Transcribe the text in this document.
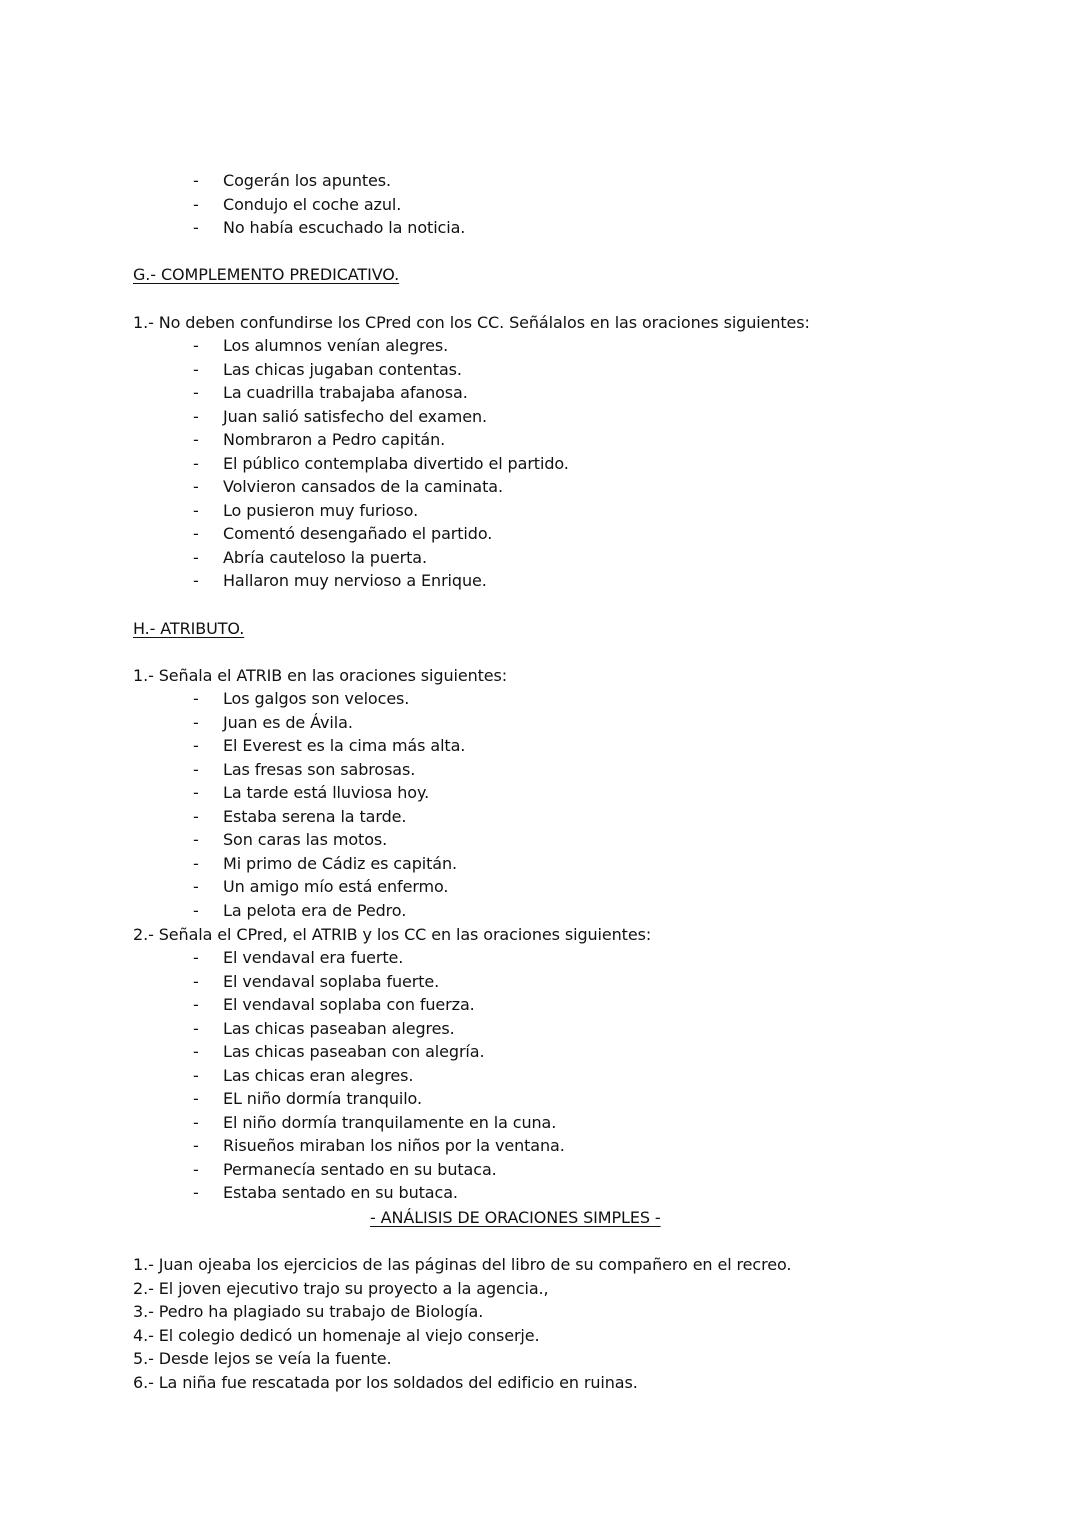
- Cogerán los apuntes.
- Condujo el coche azul.
- No había escuchado la noticia.
G.- COMPLEMENTO PREDICATIVO.
1.- No deben confundirse los CPred con los CC. Señálalos en las oraciones siguientes:
- Los alumnos venían alegres.
- Las chicas jugaban contentas.
- La cuadrilla trabajaba afanosa.
- Juan salió satisfecho del examen.
- Nombraron a Pedro capitán.
- El público contemplaba divertido el partido.
- Volvieron cansados de la caminata.
- Lo pusieron muy furioso.
- Comentó desengañado el partido.
- Abría cauteloso la puerta.
- Hallaron muy nervioso a Enrique.
H.- ATRIBUTO.
1.- Señala el ATRIB en las oraciones siguientes:
- Los galgos son veloces.
- Juan es de Ávila.
- El Everest es la cima más alta.
- Las fresas son sabrosas.
- La tarde está lluviosa hoy.
- Estaba serena la tarde.
- Son caras las motos.
- Mi primo de Cádiz es capitán.
- Un amigo mío está enfermo.
- La pelota era de Pedro.
2.- Señala el CPred, el ATRIB y los CC en las oraciones siguientes:
- El vendaval era fuerte.
- El vendaval soplaba fuerte.
- El vendaval soplaba con fuerza.
- Las chicas paseaban alegres.
- Las chicas paseaban con alegría.
- Las chicas eran alegres.
- EL niño dormía tranquilo.
- El niño dormía tranquilamente en la cuna.
- Risueños miraban los niños por la ventana.
- Permanecía sentado en su butaca.
- Estaba sentado en su butaca.
- ANÁLISIS DE ORACIONES SIMPLES -
1.- Juan ojeaba los ejercicios de las páginas del libro de su compañero en el recreo.
2.- El joven ejecutivo trajo su proyecto a la agencia.,
3.- Pedro ha plagiado su trabajo de Biología.
4.- El colegio dedicó un homenaje al viejo conserje.
5.- Desde lejos se veía la fuente.
6.- La niña fue rescatada por los soldados del edificio en ruinas.
